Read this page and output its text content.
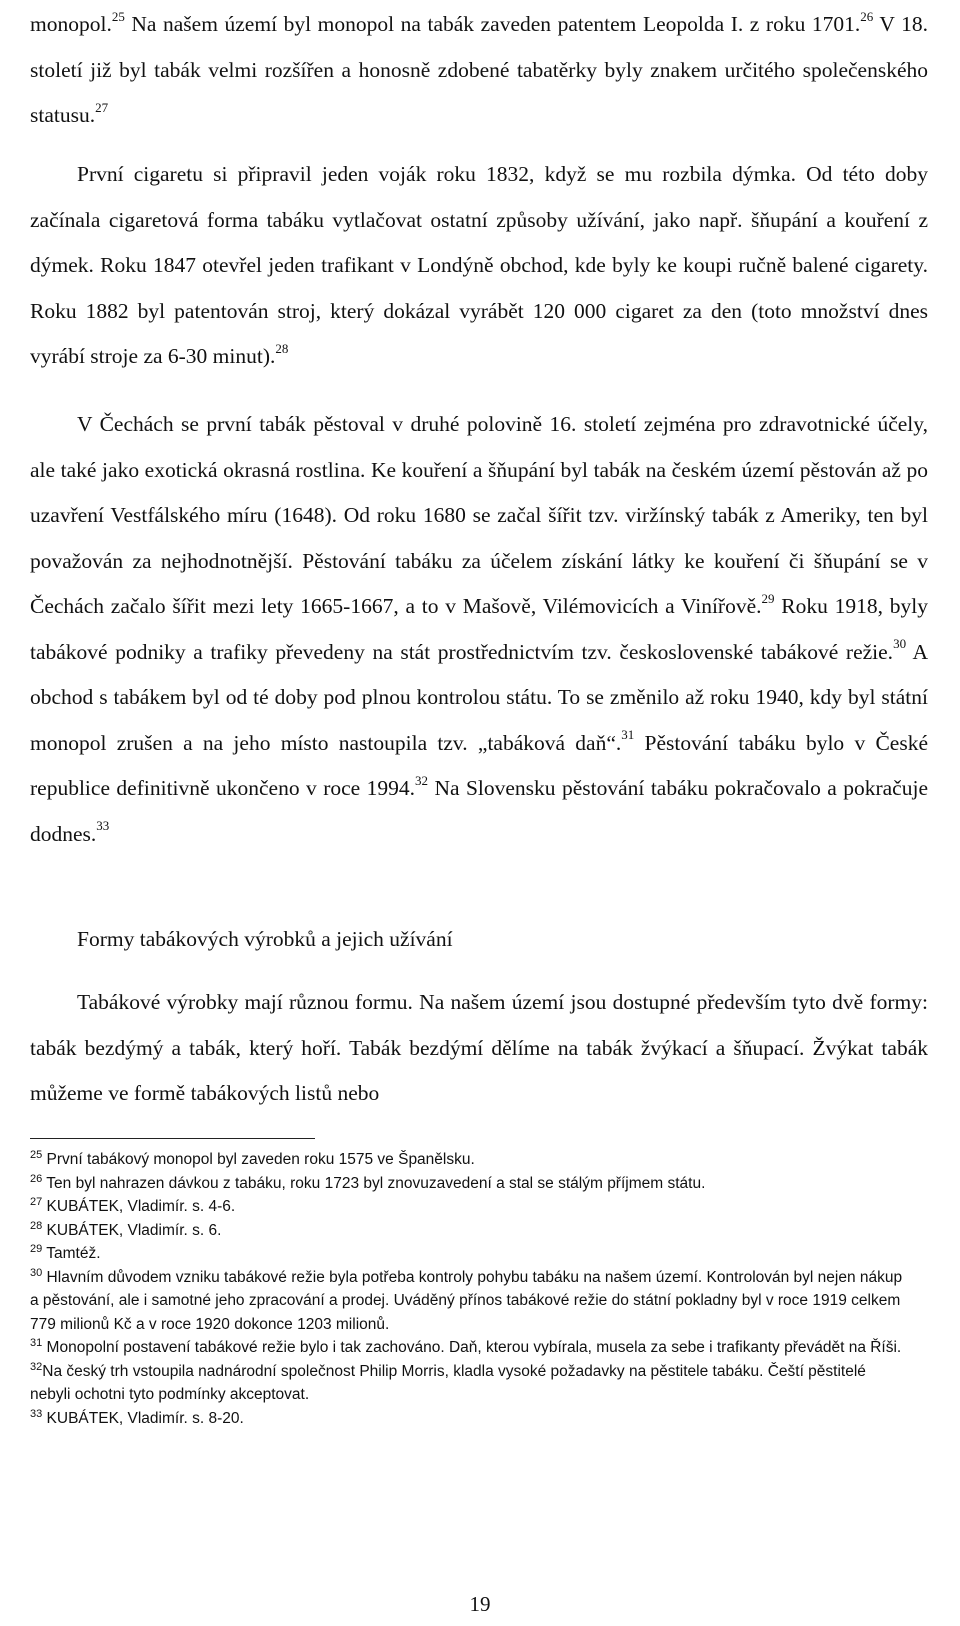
monopol.$^{25}$ Na našem území byl monopol na tabák zaveden patentem Leopolda I. z roku 1701.26 V 18. století již byl tabák velmi rozšířen a honosně zdobené tabatěrky byly znakem určitého společenského statusu.$^{27}$

První cigaretu si připravil jeden voják roku 1832, když se mu rozbila dýmka. Od této doby začínala cigaretová forma tabáku vytlačovat ostatní způsoby užívání, jako např. šňupání a kouření z dýmek. Roku 1847 otevřel jeden trafikant v Londýně obchod, kde byly ke koupi ručně balené cigarety. Roku 1882 byl patentován stroj, který dokázal vyrábět 120 000 cigaret za den (toto množství dnes vyrábí stroje za 6-30 minut).$^{28}$

V Čechách se první tabák pěstoval v druhé polovině 16. století zejména pro zdravotnické účely, ale také jako exotická okrasná rostlina. Ke kouření a šňupání byl tabák na českém území pěstován až po uzavření Vestfálského míru (1648). Od roku 1680 se začal šířit tzv. viržínský tabák z Ameriky, ten byl považován za nejhodnotnější. Pěstování tabáku za účelem získání látky ke kouření či šňupání se v Čechách začalo šířit mezi lety 1665-1667, a to v Mašově, Vilémovicích a Vinířově.$^{29}$ Roku 1918, byly tabákové podniky a trafiky převedeny na stát prostřednictvím tzv. československé tabákové režie.$^{30}$ A obchod s tabákem byl od té doby pod plnou kontrolou státu. To se změnilo až roku 1940, kdy byl státní monopol zrušen a na jeho místo nastoupila tzv. „tabáková daň“.$^{31}$ Pěstování tabáku bylo v České republice definitivně ukončeno v roce 1994.32 Na Slovensku pěstování tabáku pokračovalo a pokračuje dodnes.$^{33}$

Formy tabákových výrobků a jejich užívání

Tabákové výrobky mají různou formu. Na našem území jsou dostupné především tyto dvě formy: tabák bezdýmý a tabák, který hoří. Tabák bezdýmí dělíme na tabák žvýkací a šňupací. Žvýkat tabák můžeme ve formě tabákových listů nebo

$^{25}$ První tabákový monopol byl zaveden roku 1575 ve Španělsku.

$^{26}$ Ten byl nahrazen dávkou z tabáku, roku 1723 byl znovuzavedení a stal se stálým příjmem státu.

$^{27}$ KUBÁTEK, Vladimír. s. 4-6.

$^{28}$ KUBÁTEK, Vladimír. s. 6.

$^{29}$ Tamtéž.

$^{30}$ Hlavním důvodem vzniku tabákové režie byla potřeba kontroly pohybu tabáku na našem území. Kontrolován byl nejen nákup a pěstování, ale i samotné jeho zpracování a prodej. Uváděný přínos tabákové režie do státní pokladny byl v roce 1919 celkem 779 milionů Kč a v roce 1920 dokonce 1203 milionů.

$^{31}$ Monopolní postavení tabákové režie bylo i tak zachováno. Daň, kterou vybírala, musela za sebe i trafikanty převádět na Říši.

$^{32}$Na český trh vstoupila nadnárodní společnost Philip Morris, kladla vysoké požadavky na pěstitele tabáku. Čeští pěstitelé nebyli ochotni tyto podmínky akceptovat.

$^{33}$ KUBÁTEK, Vladimír. s. 8-20.

19
